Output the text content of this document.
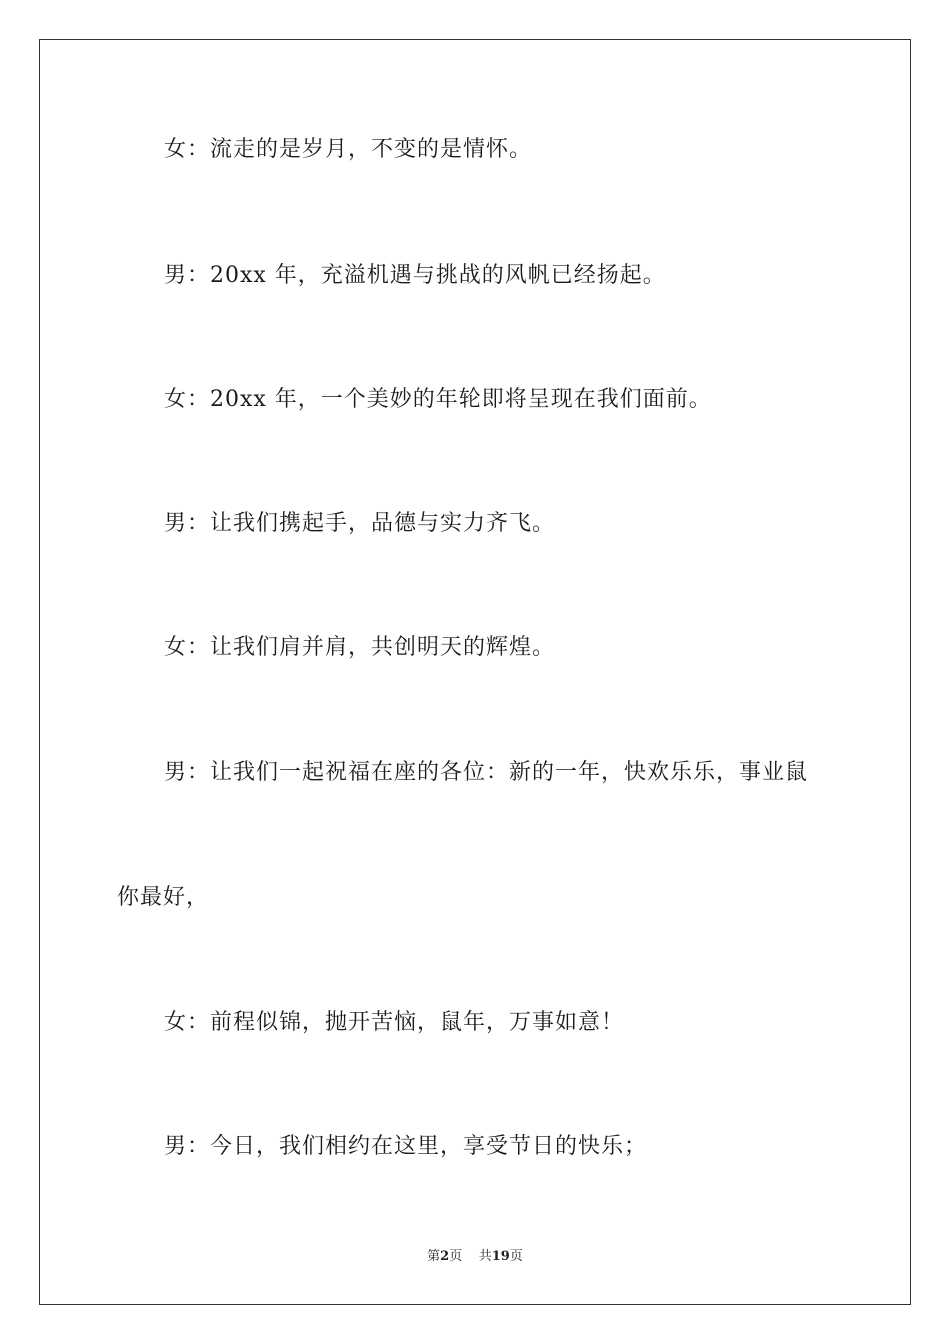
女：流走的是岁月，不变的是情怀。
男：20xx 年，充溢机遇与挑战的风帆已经扬起。
女：20xx 年，一个美妙的年轮即将呈现在我们面前。
男：让我们携起手，品德与实力齐飞。
女：让我们肩并肩，共创明天的辉煌。
男：让我们一起祝福在座的各位：新的一年，快欢乐乐，事业鼠
你最好，
女：前程似锦，抛开苦恼，鼠年，万事如意！
男：今日，我们相约在这里，享受节日的快乐；
第2页 共19页
